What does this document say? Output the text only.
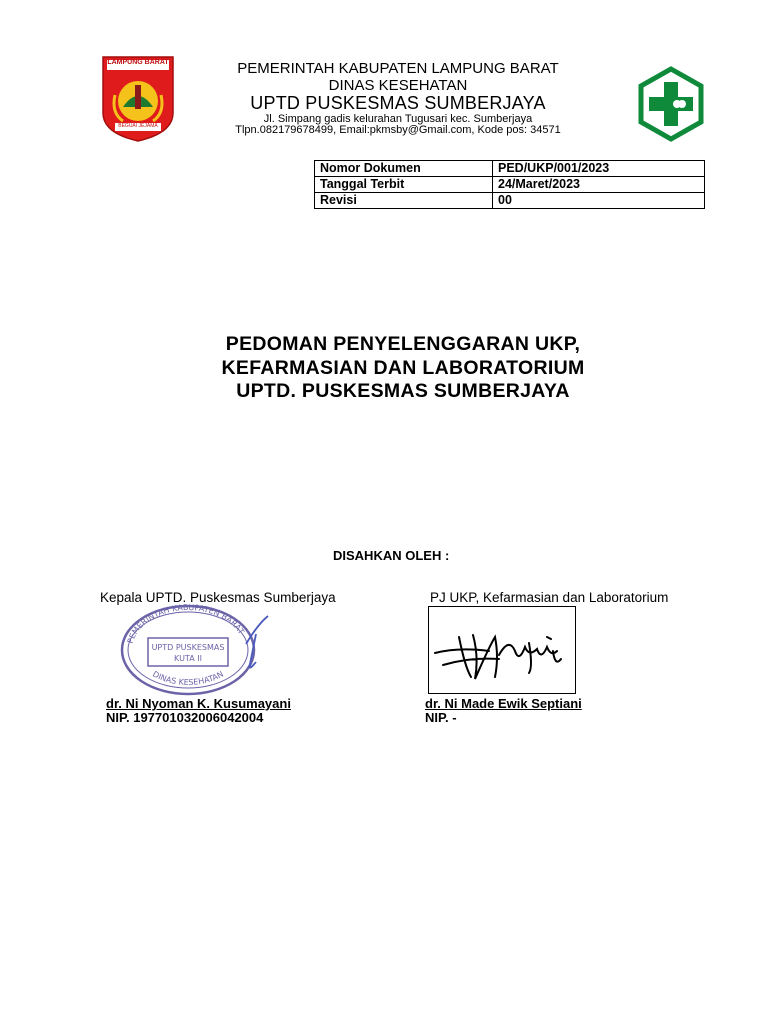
LAMPUNG BARAT
BEGUAI JEJAMA
PEMERINTAH KABUPATEN LAMPUNG BARAT
DINAS KESEHATAN
UPTD PUSKESMAS SUMBERJAYA
Jl. Simpang gadis kelurahan Tugusari kec. Sumberjaya
Tlpn.082179678499, Email:pkmsby@Gmail.com, Kode pos: 34571
Nomor Dokumen	PED/UKP/001/2023
Tanggal Terbit	24/Maret/2023
Revisi	00
PEDOMAN PENYELENGGARAN UKP,
KEFARMASIAN DAN LABORATORIUM
UPTD. PUSKESMAS SUMBERJAYA
DISAHKAN OLEH :
Kepala UPTD. Puskesmas Sumberjaya	PJ UKP, Kefarmasian dan Laboratorium
PEMERINTAH KABUPATEN BARAT
UPTD PUSKESMAS
KUTA II
DINAS KESEHATAN
dr. Ni Nyoman K. Kusumayani
NIP. 197701032006042004
dr. Ni Made Ewik Septiani
NIP. -
